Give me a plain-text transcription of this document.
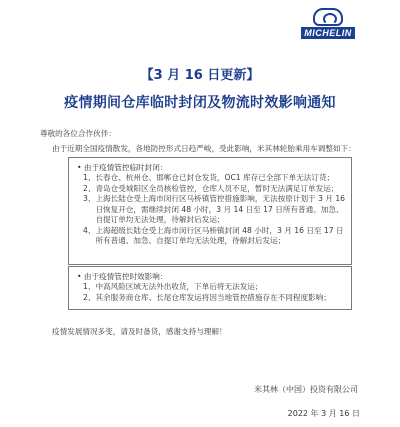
MICHELIN
【3 月 16 日更新】
疫情期间仓库临时封闭及物流时效影响通知
尊敬的各位合作伙伴：
由于近期全国疫情散发，各地防控形式日趋严峻，受此影响，米其林轮胎乘用车调整如下：
• 由于疫情管控临时封闭：
1、 长春仓、杭州仓、邯郸仓已封仓发货，OC1 库存已全部下单无法订货；
2、 青岛仓受城阳区全员核检管控，仓库人员不足，暂时无法满足订单发运；
3、 上海长陆仓受上海市闵行区马桥镇管控措施影响，无法按原计划于 3 月 16 日恢复开仓，需继续封闭 48 小时，3 月 14 日至 17 日所有普通、加急、自提订单均无法处理，待解封后发运；
4、 上海超级长陆仓受上海市闵行区马桥镇封闭 48 小时，3 月 16 日至 17 日所有普通、加急、自提订单均无法处理，待解封后发运；
• 由于疫情管控时效影响：
1、 中高风险区域无法外出收货，下单后将无法发运；
2、 其余服务商仓库、长尾仓库发运将因当地管控措施存在不同程度影响；
疫情发展情况多变，请及时备货，感谢支持与理解！
米其林（中国）投资有限公司
2022 年 3 月 16 日
